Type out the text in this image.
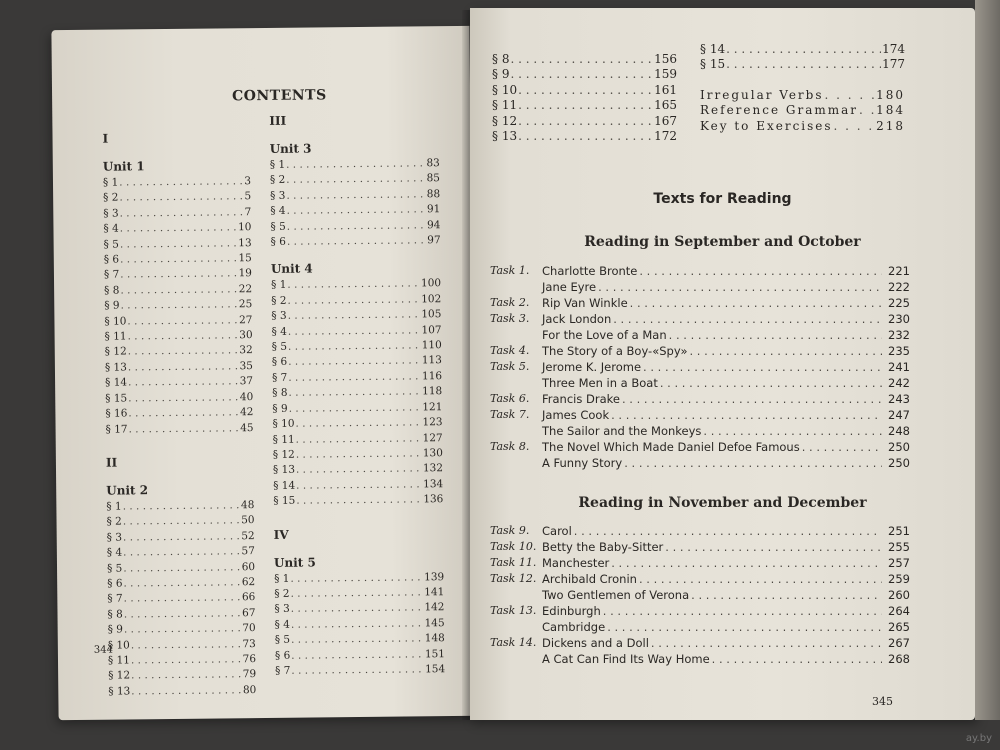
CONTENTS
I
Unit 1
§ 1 . . .	3
§ 2 . . .	5
§ 3 . . .	7
§ 4 . . .	10
§ 5 . . .	13
§ 6 . . .	15
§ 7 . . .	19
§ 8 . . .	22
§ 9 . . .	25
§ 10 . . .	27
§ 11 . . .	30
§ 12 . . .	32
§ 13 . . .	35
§ 14 . . .	37
§ 15 . . .	40
§ 16 . . .	42
§ 17 . . .	45
II
Unit 2
§ 1 . . .	48
§ 2 . . .	50
§ 3 . . .	52
§ 4 . . .	57
§ 5 . . .	60
§ 6 . . .	62
§ 7 . . .	66
§ 8 . . .	67
§ 9 . . .	70
§ 10 . . .	73
§ 11 . . .	76
§ 12 . . .	79
§ 13 . . .	80
III
Unit 3
§ 1 . . .	83
§ 2 . . .	85
§ 3 . . .	88
§ 4 . . .	91
§ 5 . . .	94
§ 6 . . .	97
Unit 4
§ 1 . . .	100
§ 2 . . .	102
§ 3 . . .	105
§ 4 . . .	107
§ 5 . . .	110
§ 6 . . .	113
§ 7 . . .	116
§ 8 . . .	118
§ 9 . . .	121
§ 10 . . .	123
§ 11 . . .	127
§ 12 . . .	130
§ 13 . . .	132
§ 14 . . .	134
§ 15 . . .	136
IV
Unit 5
§ 1 . . .	139
§ 2 . . .	141
§ 3 . . .	142
§ 4 . . .	145
§ 5 . . .	148
§ 6 . . .	151
§ 7 . . .	154
344
§ 8 . . .	156
§ 9 . . .	159
§ 10 . . .	161
§ 11 . . .	165
§ 12 . . .	167
§ 13 . . .	172
§ 14 . . .	174
§ 15 . . .	177
Irregular Verbs . . .	180
Reference Grammar . . . 184
Key to Exercises . . .	218
Texts for Reading
Reading in September and October
Task 1.	Charlotte Bronte . . .	221
Jane Eyre . . .	222
Task 2.	Rip Van Winkle . . .	225
Task 3.	Jack London . . .	230
For the Love of a Man . . .	232
Task 4.	The Story of a Boy-«Spy» . . .	235
Task 5.	Jerome K. Jerome . . .	241
Three Men in a Boat . . .	242
Task 6.	Francis Drake . . .	243
Task 7.	James Cook . . .	247
The Sailor and the Monkeys . . .	248
Task 8.	The Novel Which Made Daniel Defoe Famous . . .	250
A Funny Story . . .	250
Reading in November and December
Task 9.	Carol . . .	251
Task 10. Betty the Baby-Sitter . . .	255
Task 11. Manchester . . .	257
Task 12. Archibald Cronin . . .	259
Two Gentlemen of Verona . . .	260
Task 13. Edinburgh . . .	264
Cambridge . . .	265
Task 14. Dickens and a Doll . . .	267
A Cat Can Find Its Way Home . . .	268
345
ay.by
